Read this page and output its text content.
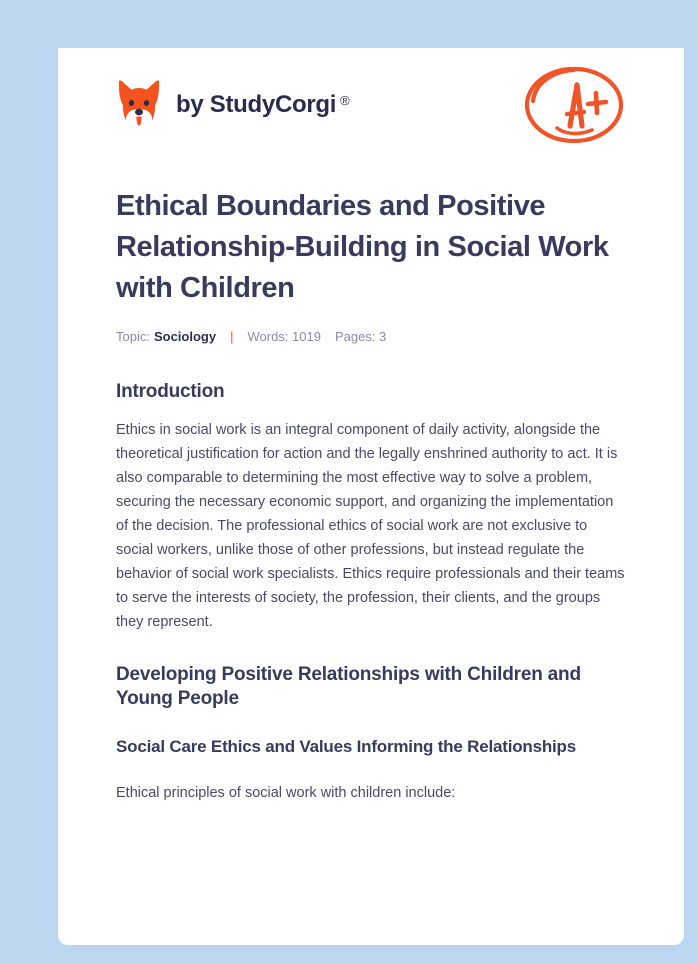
by StudyCorgi ®
Ethical Boundaries and Positive Relationship-Building in Social Work with Children
Topic: Sociology | Words: 1019 Pages: 3
Introduction

Ethics in social work is an integral component of daily activity, alongside the theoretical justification for action and the legally enshrined authority to act. It is also comparable to determining the most effective way to solve a problem, securing the necessary economic support, and organizing the implementation of the decision. The professional ethics of social work are not exclusive to social workers, unlike those of other professions, but instead regulate the behavior of social work specialists. Ethics require professionals and their teams to serve the interests of society, the profession, their clients, and the groups they represent.

Developing Positive Relationships with Children and Young People
Social Care Ethics and Values Informing the Relationships

Ethical principles of social work with children include:
